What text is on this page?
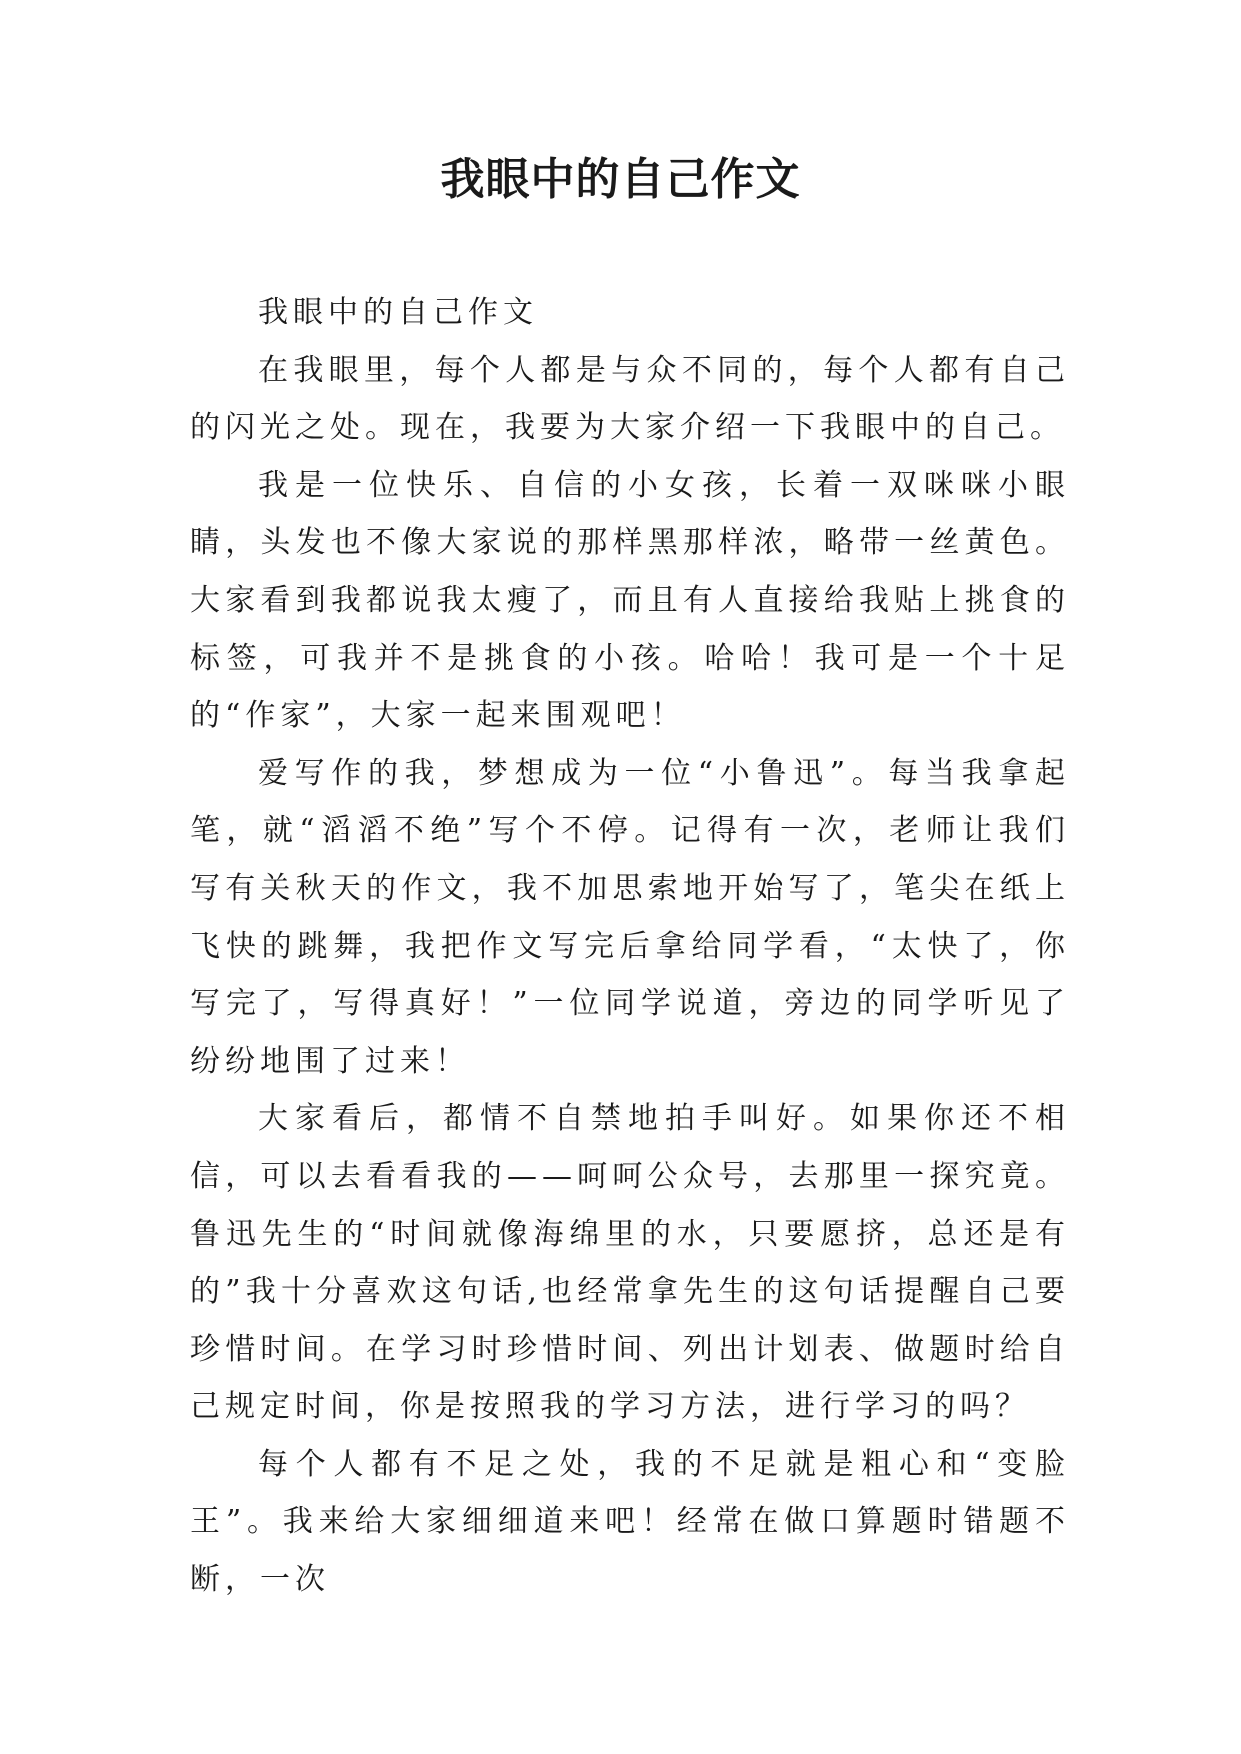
我眼中的自己作文

我眼中的自己作文

在我眼里，每个人都是与众不同的，每个人都有自己的闪光之处。现在，我要为大家介绍一下我眼中的自己。

我是一位快乐、自信的小女孩，长着一双咪咪小眼睛，头发也不像大家说的那样黑那样浓，略带一丝黄色。大家看到我都说我太瘦了，而且有人直接给我贴上挑食的标签，可我并不是挑食的小孩。哈哈！我可是一个十足的“作家”，大家一起来围观吧！

爱写作的我，梦想成为一位“小鲁迅”。每当我拿起笔，就“滔滔不绝”写个不停。记得有一次，老师让我们写有关秋天的作文，我不加思索地开始写了，笔尖在纸上飞快的跳舞，我把作文写完后拿给同学看，“太快了，你写完了，写得真好！”一位同学说道，旁边的同学听见了纷纷地围了过来！

大家看后，都情不自禁地拍手叫好。如果你还不相信，可以去看看我的——呵呵公众号，去那里一探究竟。鲁迅先生的“时间就像海绵里的水，只要愿挤，总还是有的”我十分喜欢这句话,也经常拿先生的这句话提醒自己要珍惜时间。在学习时珍惜时间、列出计划表、做题时给自己规定时间，你是按照我的学习方法，进行学习的吗？

每个人都有不足之处，我的不足就是粗心和“变脸王”。我来给大家细细道来吧！经常在做口算题时错题不断，一次
